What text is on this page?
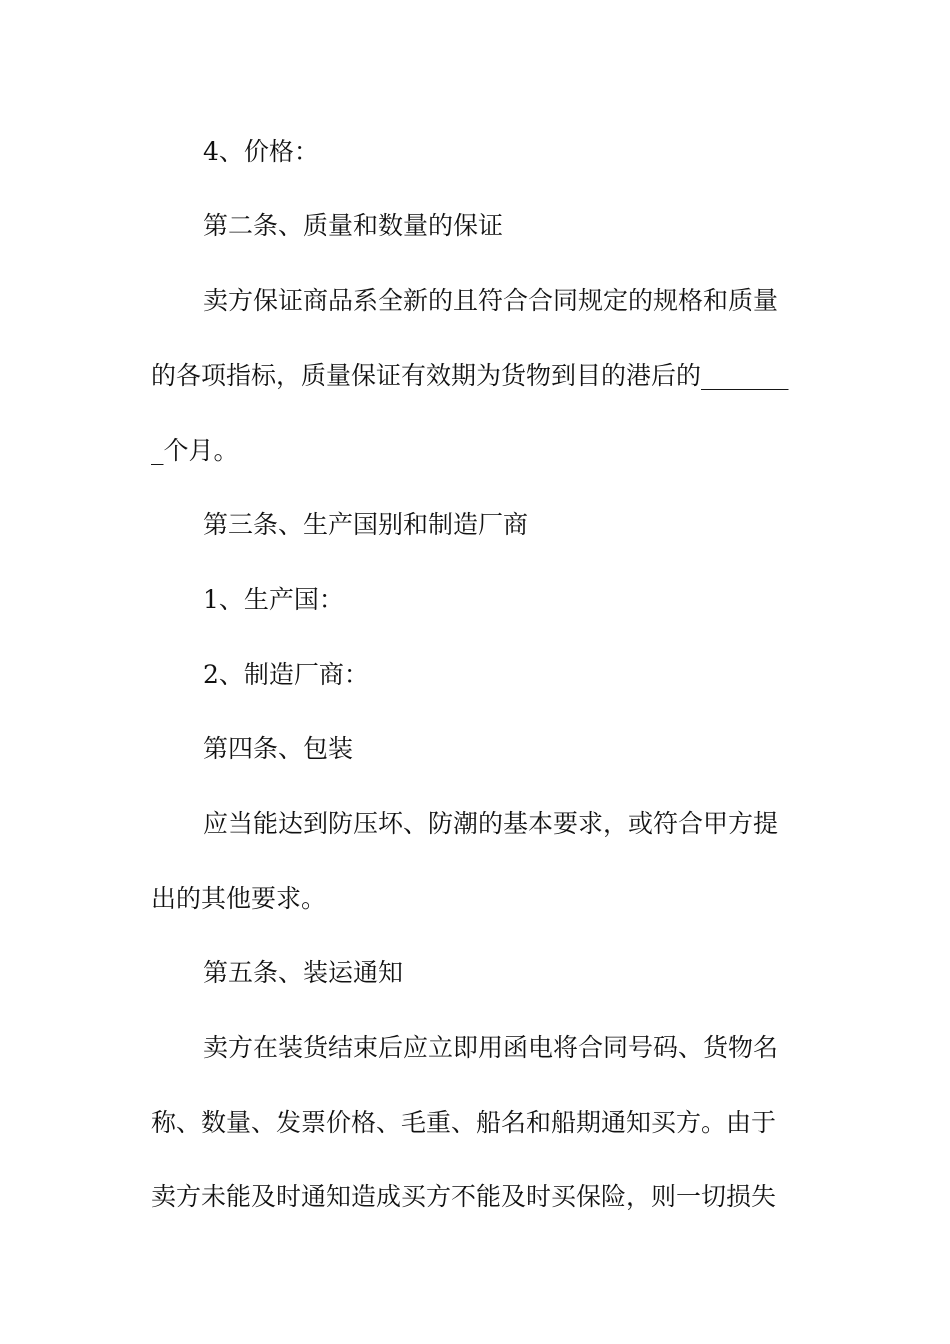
4、价格：

第二条、质量和数量的保证

卖方保证商品系全新的且符合合同规定的规格和质量

的各项指标，质量保证有效期为货物到目的港后的_______

_个月。

第三条、生产国别和制造厂商

1、生产国：

2、制造厂商：

第四条、包装

应当能达到防压坏、防潮的基本要求，或符合甲方提

出的其他要求。

第五条、装运通知

卖方在装货结束后应立即用函电将合同号码、货物名

称、数量、发票价格、毛重、船名和船期通知买方。由于

卖方未能及时通知造成买方不能及时买保险，则一切损失
